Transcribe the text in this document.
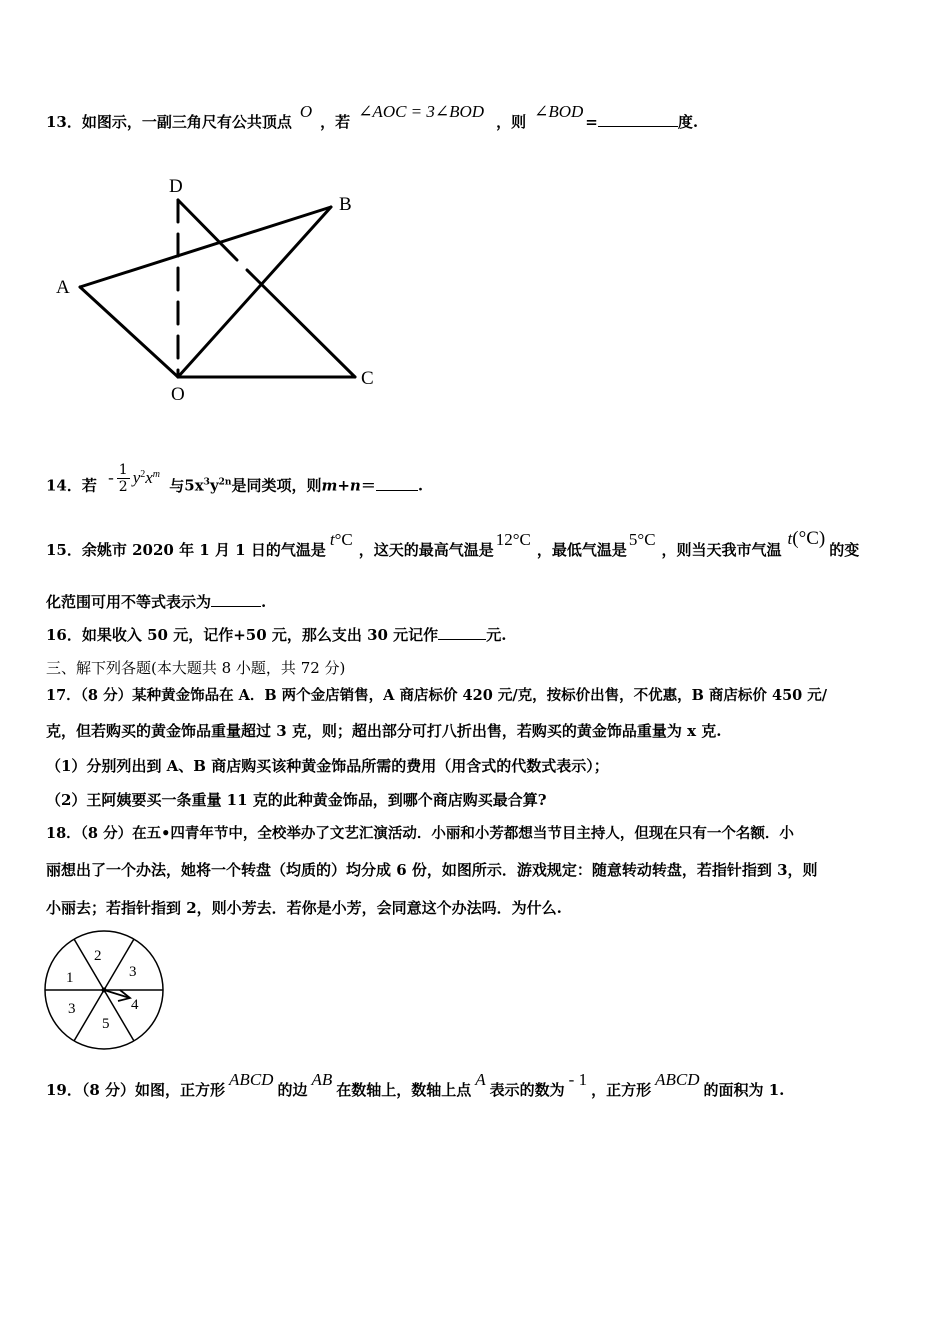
13．如图示，一副三角尺有公共顶点O，若∠AOC = 3∠BOD，则∠BOD=	度.
D
B
A
O
C
14．若 - $\frac{1}{2} y^2x^m$ 与$5x^3y^{2n}$是同类项，则m+n＝	.
15．余姚市 2020 年 1 月 1 日的气温是t°C，这天的最高气温是12°C，最低气温是5°C，则当天我市气温t(°C)的变
化范围可用不等式表示为	.
16．如果收入 50 元，记作+50 元，那么支出 30 元记作	元.
三、解下列各题(本大题共 8 小题，共 72 分)
17．（8 分）某种黄金饰品在 A．B 两个金店销售，A 商店标价 420 元/克，按标价出售，不优惠，B 商店标价 450 元/
克，但若购买的黄金饰品重量超过 3 克，则；超出部分可打八折出售，若购买的黄金饰品重量为 x 克.
（1）分别列出到 A、B 商店购买该种黄金饰品所需的费用（用含式的代数式表示）；
（2）王阿姨要买一条重量 11 克的此种黄金饰品，到哪个商店购买最合算?
18．（8 分）在五•四青年节中，全校举办了文艺汇演活动．小丽和小芳都想当节目主持人，但现在只有一个名额．小
丽想出了一个办法，她将一个转盘（均质的）均分成 6 份，如图所示．游戏规定：随意转动转盘，若指针指到 3，则
小丽去；若指针指到 2，则小芳去．若你是小芳，会同意这个办法吗．为什么.
1
2
3
4
5
3
19．（8 分）如图，正方形ABCD的边AB在数轴上，数轴上点A表示的数为- 1，正方形ABCD的面积为 1.
